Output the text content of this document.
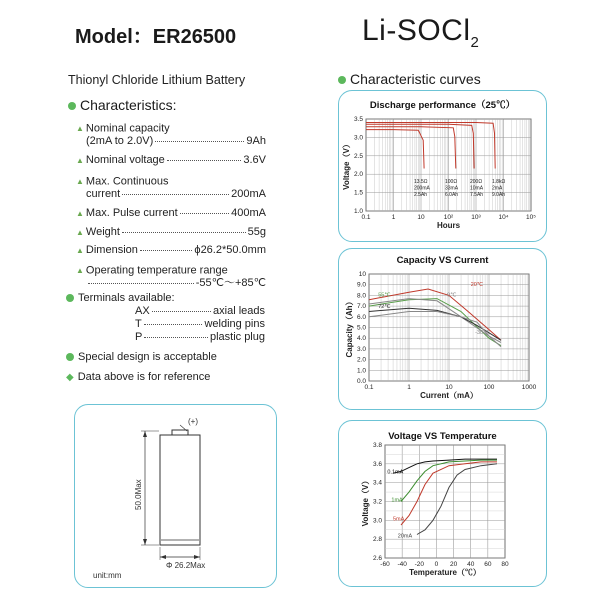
Model：ER26500	Li-SOCl$_2$
Thionyl Chloride Lithium Battery	Characteristic curves
Characteristics:
▲ Nominal capacity
(2mA to 2.0V)	9Ah
▲ Nominal voltage	3.6V
▲ Max. Continuous
current	200mA
▲ Max. Pulse current	400mA
▲ Weight	55g
▲ Dimension	ϕ26.2*50.0mm
▲ Operating temperature range
-55℃～+85℃
Terminals available:
AX	axial leads
T	welding pins
P	plastic plug
Special design is acceptable
◆ Data above is for reference
(+)
50.0Max
Φ 26.2Max
unit:mm
Discharge performance（25℃）
0.1	1	10	10²	10³	10⁴	10⁵
1.0
1.5
2.0
2.5
3.0
3.5
Hours
Voltage（V）	13.5Ω	100Ω	200Ω 1.8kΩ
200mA	33mA 10mA 2mA
2.5Ah	6.0Ah 7.5Ah 9.0Ah
Capacity VS Current
0.1	1	10	100	1000
0.0
1.0
2.0
3.0
4.0
5.0
6.0
7.0
8.0
9.0
10
20℃
55℃	0℃
72℃
-30℃
Current（mA）
Capacity（Ah）
Voltage VS Temperature
-60 -40 -20 0 20 40 60 80
2.6
2.8
3.0
3.2
3.4
3.6
3.8
0.1mA
1mA
5mA
20mA
Temperature（℃）
Voltage（V）
